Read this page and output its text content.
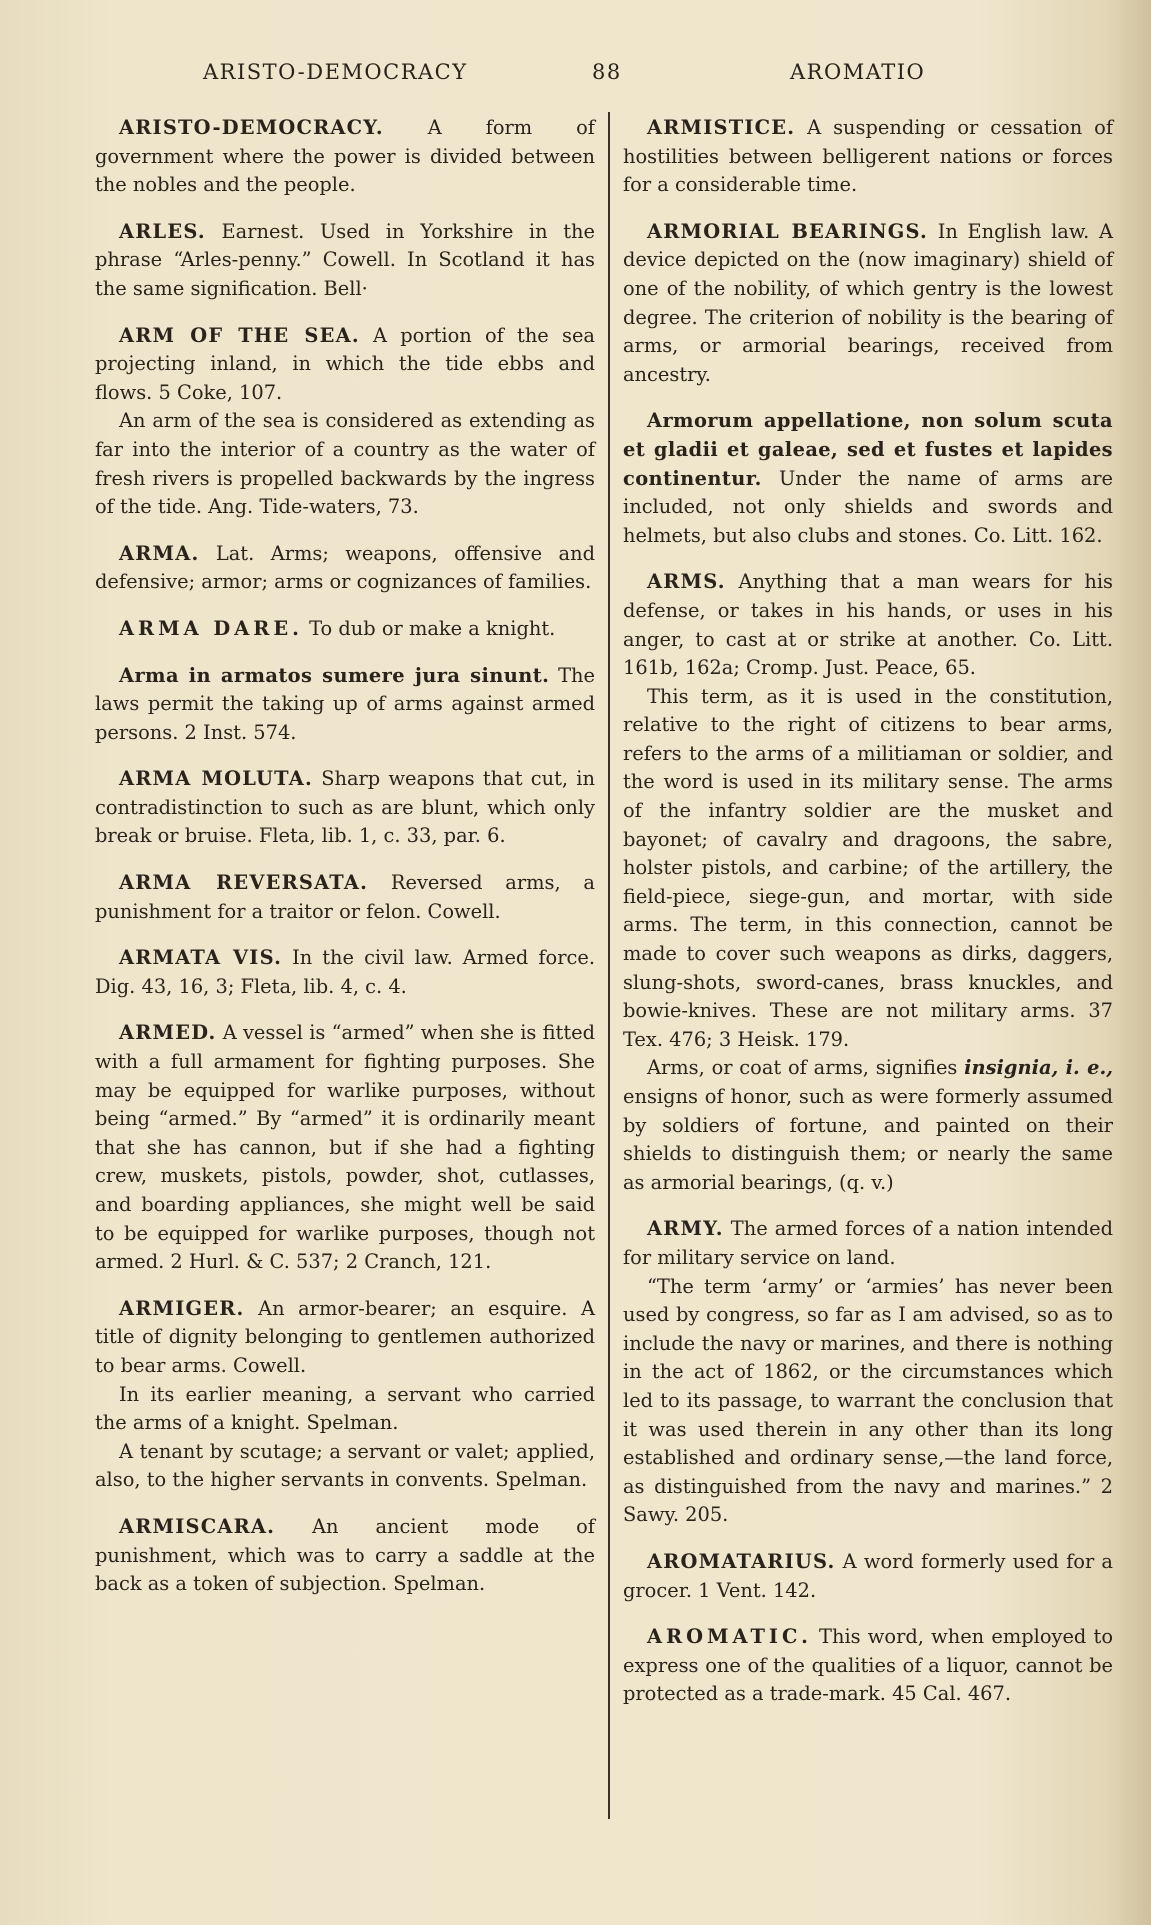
ARISTO-DEMOCRACY	88	AROMATIO

ARISTO-DEMOCRACY. A form of government where the power is divided between the nobles and the people.

ARLES. Earnest. Used in Yorkshire in the phrase “Arles-penny.” Cowell. In Scotland it has the same signification. Bell·

ARM OF THE SEA. A portion of the sea projecting inland, in which the tide ebbs and flows. 5 Coke, 107.

An arm of the sea is considered as extending as far into the interior of a country as the water of fresh rivers is propelled backwards by the ingress of the tide. Ang. Tide-waters, 73.

ARMA. Lat. Arms; weapons, offensive and defensive; armor; arms or cognizances of families.

ARMA DARE. To dub or make a knight.

Arma in armatos sumere jura sinunt. The laws permit the taking up of arms against armed persons. 2 Inst. 574.

ARMA MOLUTA. Sharp weapons that cut, in contradistinction to such as are blunt, which only break or bruise. Fleta, lib. 1, c. 33, par. 6.

ARMA REVERSATA. Reversed arms, a punishment for a traitor or felon. Cowell.

ARMATA VIS. In the civil law. Armed force. Dig. 43, 16, 3; Fleta, lib. 4, c. 4.

ARMED. A vessel is “armed” when she is fitted with a full armament for fighting purposes. She may be equipped for warlike purposes, without being “armed.” By “armed” it is ordinarily meant that she has cannon, but if she had a fighting crew, muskets, pistols, powder, shot, cutlasses, and boarding appliances, she might well be said to be equipped for warlike purposes, though not armed. 2 Hurl. & C. 537; 2 Cranch, 121.

ARMIGER. An armor-bearer; an esquire. A title of dignity belonging to gentlemen authorized to bear arms. Cowell.

In its earlier meaning, a servant who carried the arms of a knight. Spelman.

A tenant by scutage; a servant or valet; applied, also, to the higher servants in convents. Spelman.

ARMISCARA. An ancient mode of punishment, which was to carry a saddle at the back as a token of subjection. Spelman.

ARMISTICE. A suspending or cessation of hostilities between belligerent nations or forces for a considerable time.

ARMORIAL BEARINGS. In English law. A device depicted on the (now imaginary) shield of one of the nobility, of which gentry is the lowest degree. The criterion of nobility is the bearing of arms, or armorial bearings, received from ancestry.

Armorum appellatione, non solum scuta et gladii et galeae, sed et fustes et lapides continentur. Under the name of arms are included, not only shields and swords and helmets, but also clubs and stones. Co. Litt. 162.

ARMS. Anything that a man wears for his defense, or takes in his hands, or uses in his anger, to cast at or strike at another. Co. Litt. 161b, 162a; Cromp. Just. Peace, 65.

This term, as it is used in the constitution, relative to the right of citizens to bear arms, refers to the arms of a militiaman or soldier, and the word is used in its military sense. The arms of the infantry soldier are the musket and bayonet; of cavalry and dragoons, the sabre, holster pistols, and carbine; of the artillery, the field-piece, siege-gun, and mortar, with side arms. The term, in this connection, cannot be made to cover such weapons as dirks, daggers, slung-shots, sword-canes, brass knuckles, and bowie-knives. These are not military arms. 37 Tex. 476; 3 Heisk. 179.

Arms, or coat of arms, signifies insignia, i. e., ensigns of honor, such as were formerly assumed by soldiers of fortune, and painted on their shields to distinguish them; or nearly the same as armorial bearings, (q. v.)

ARMY. The armed forces of a nation intended for military service on land.

“The term ‘army’ or ‘armies’ has never been used by congress, so far as I am advised, so as to include the navy or marines, and there is nothing in the act of 1862, or the circumstances which led to its passage, to warrant the conclusion that it was used therein in any other than its long established and ordinary sense,—the land force, as distinguished from the navy and marines.” 2 Sawy. 205.

AROMATARIUS. A word formerly used for a grocer. 1 Vent. 142.

AROMATIC. This word, when employed to express one of the qualities of a liquor, cannot be protected as a trade-mark. 45 Cal. 467.
